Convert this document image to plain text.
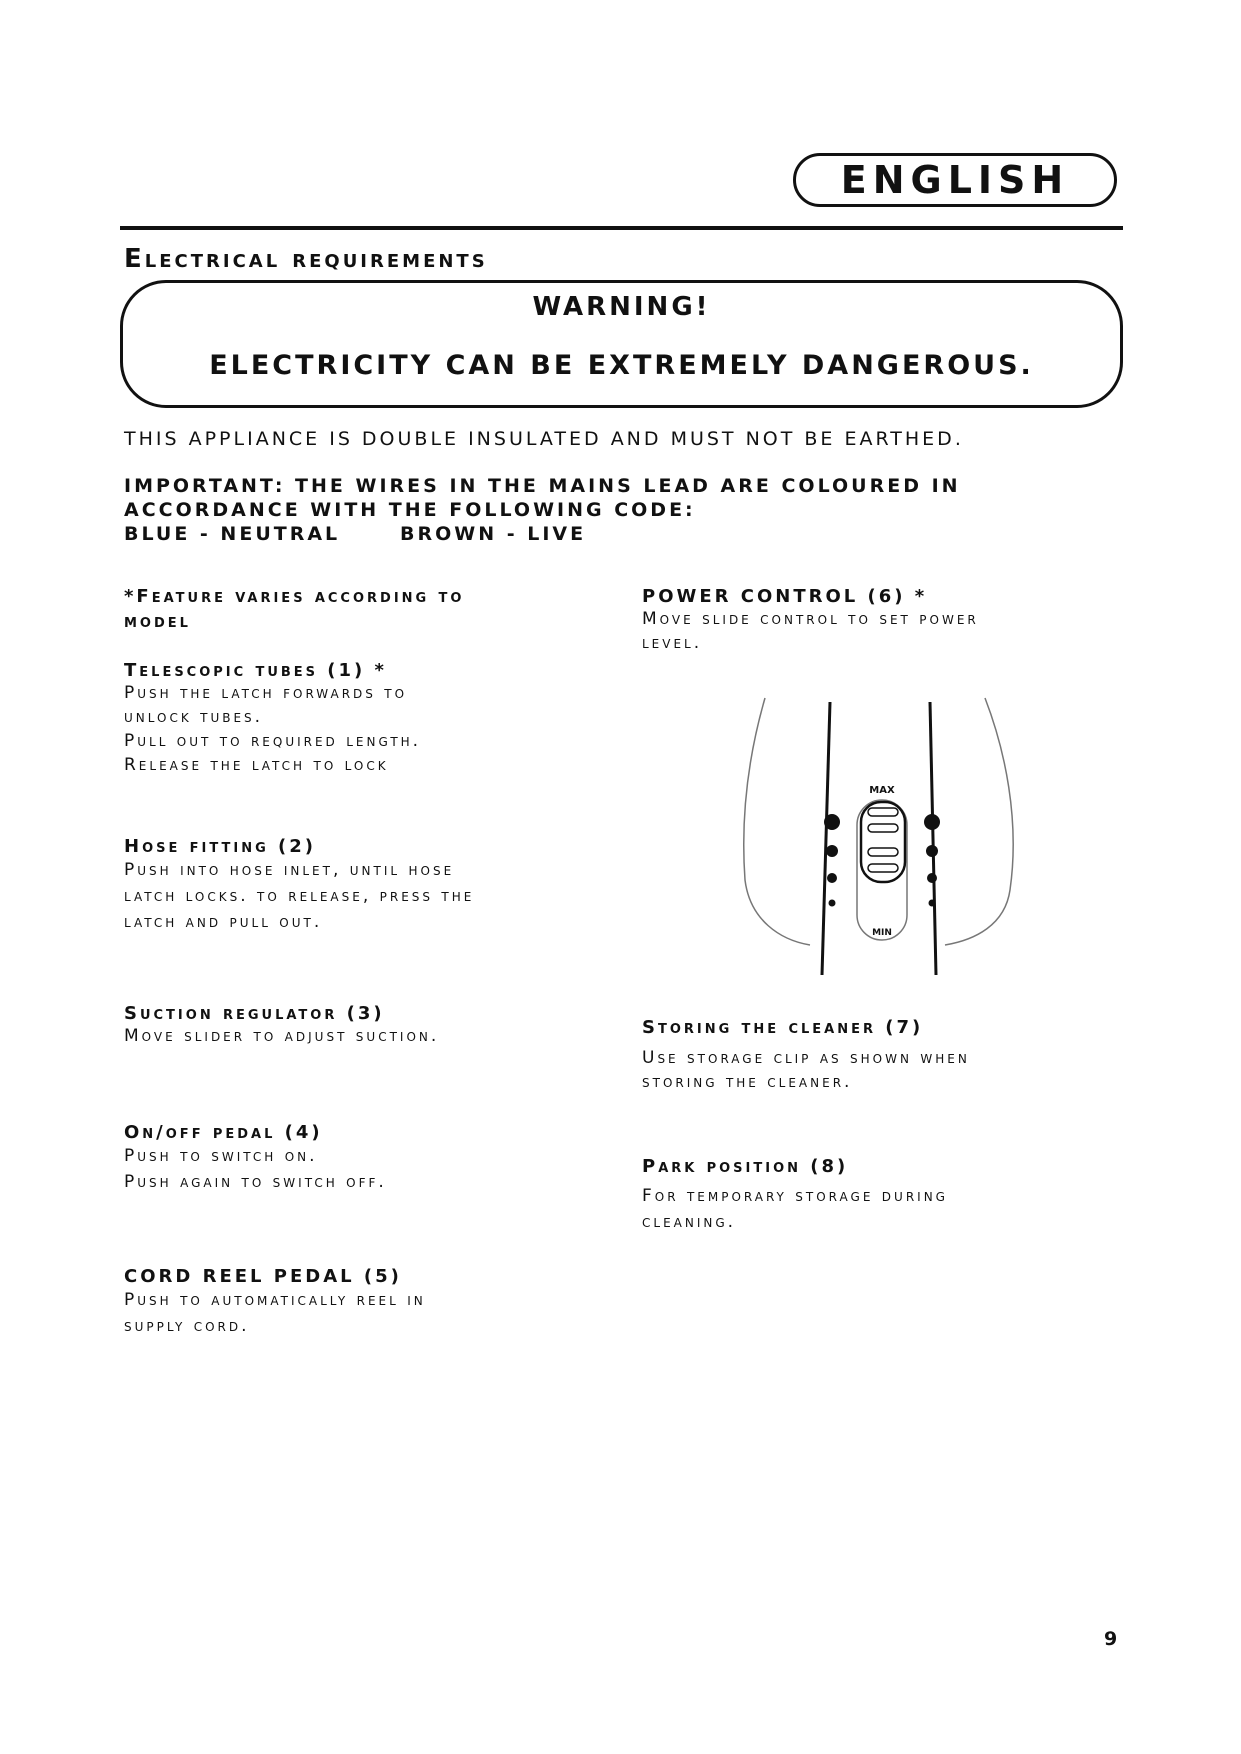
ENGLISH
Electrical requirements
WARNING!
ELECTRICITY CAN BE EXTREMELY DANGEROUS.
THIS APPLIANCE IS DOUBLE INSULATED AND MUST NOT BE EARTHED.
IMPORTANT: THE WIRES IN THE MAINS LEAD ARE COLOURED IN
ACCORDANCE WITH THE FOLLOWING CODE:
BLUE - NEUTRAL	BROWN - LIVE
*Feature varies according to
model
Telescopic tubes (1) *
Push the latch forwards to
unlock tubes.
Pull out to required length.
Release the latch to lock
Hose fitting (2)
Push into hose inlet, until hose
latch locks. to release, press the
latch and pull out.
Suction regulator (3)
Move slider to adjust suction.
On/off pedal (4)
Push to switch on.
Push again to switch off.
CORD REEL PEDAL (5)
Push to automatically reel in
supply cord.
POWER CONTROL (6) *
Move slide control to set power
level.
MAX
MIN
Storing the cleaner (7)
Use storage clip as shown when
storing the cleaner.
Park position (8)
For temporary storage during
cleaning.
9
